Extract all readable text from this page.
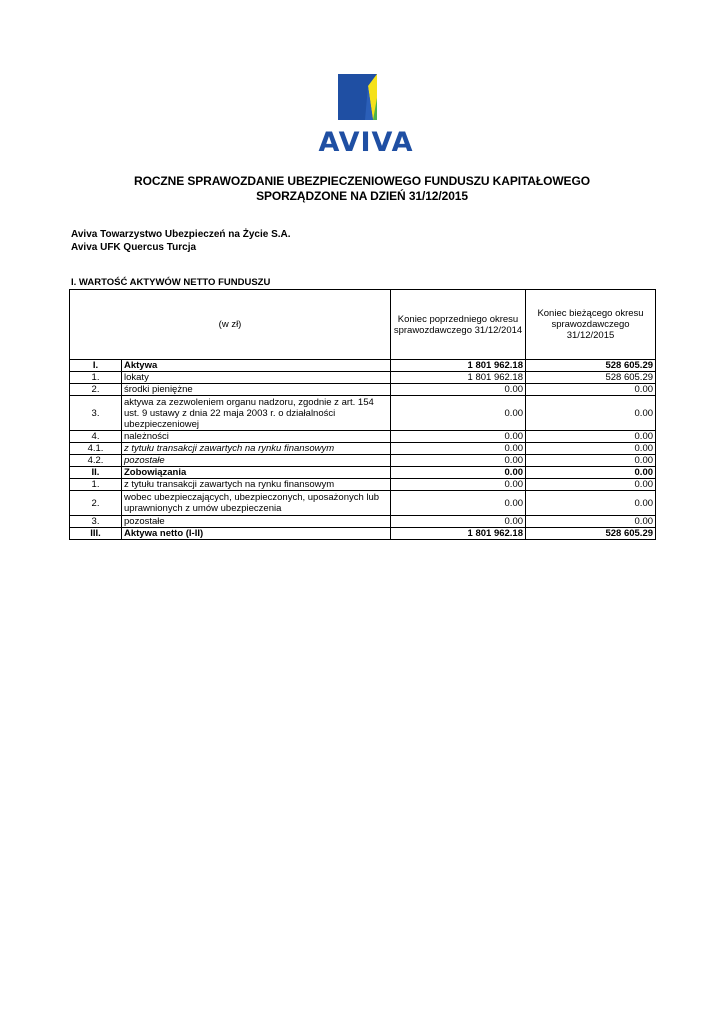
AVIVA
ROCZNE SPRAWOZDANIE UBEZPIECZENIOWEGO FUNDUSZU KAPITAŁOWEGO
SPORZĄDZONE NA DZIEŃ 31/12/2015
Aviva Towarzystwo Ubezpieczeń na Życie S.A.
Aviva UFK Quercus Turcja
I. WARTOŚĆ AKTYWÓW NETTO FUNDUSZU
(w zł)		Koniec poprzedniego okresu sprawozdawczego 31/12/2014	Koniec bieżącego okresu sprawozdawczego 31/12/2015
I.	Aktywa	1 801 962.18	528 605.29
1.	lokaty	1 801 962.18	528 605.29
2.	środki pieniężne	0.00	0.00
3.	aktywa za zezwoleniem organu nadzoru, zgodnie z art. 154 ust. 9 ustawy z dnia 22 maja 2003 r. o działalności ubezpieczeniowej	0.00	0.00
4.	należności	0.00	0.00
4.1.	z tytułu transakcji zawartych na rynku finansowym	0.00	0.00
4.2.	pozostałe	0.00	0.00
II.	Zobowiązania	0.00	0.00
1.	z tytułu transakcji zawartych na rynku finansowym	0.00	0.00
2.	wobec ubezpieczających, ubezpieczonych, uposażonych lub uprawnionych z umów ubezpieczenia	0.00	0.00
3.	pozostałe	0.00	0.00
III.	Aktywa netto (I-II)	1 801 962.18	528 605.29
